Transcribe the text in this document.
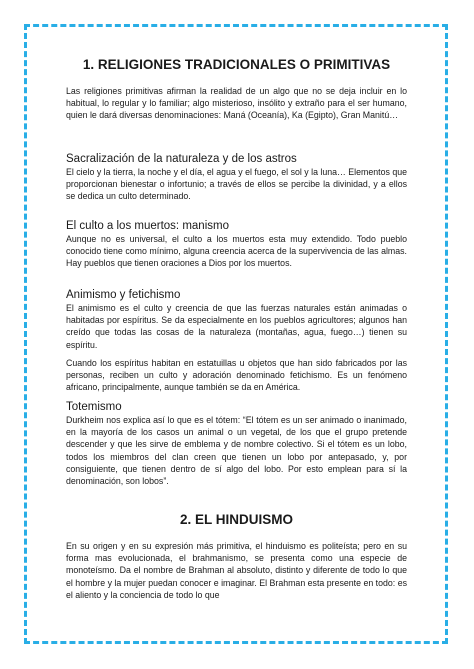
1. RELIGIONES TRADICIONALES O PRIMITIVAS

Las religiones primitivas afirman la realidad de un algo que no se deja incluir en lo habitual, lo regular y lo familiar; algo misterioso, insólito y extraño para el ser humano, quien le dará diversas denominaciones: Maná (Oceanía), Ka (Egipto), Gran Manitú…

Sacralización de la naturaleza y de los astros

El cielo y la tierra, la noche y el día, el agua y el fuego, el sol y la luna… Elementos que proporcionan bienestar o infortunio; a través de ellos se percibe la divinidad, y a ellos se dedica un culto determinado.

El culto a los muertos: manismo

Aunque no es universal, el culto a los muertos esta muy extendido. Todo pueblo conocido tiene como mínimo, alguna creencia acerca de la supervivencia de las almas. Hay pueblos que tienen oraciones a Dios por los muertos.

Animismo y fetichismo

El animismo es el culto y creencia de que las fuerzas naturales están animadas o habitadas por espíritus. Se da especialmente en los pueblos agricultores; algunos han creído que todas las cosas de la naturaleza (montañas, agua, fuego…) tienen su espíritu.

Cuando los espíritus habitan en estatuillas u objetos que han sido fabricados por las personas, reciben un culto y adoración denominado fetichismo. Es un fenómeno africano, principalmente, aunque también se da en América.

Totemismo

Durkheim nos explica así lo que es el tótem: “El tótem es un ser animado o inanimado, en la mayoría de los casos un animal o un vegetal, de los que el grupo pretende descender y que les sirve de emblema y de nombre colectivo. Si el tótem es un lobo, todos los miembros del clan creen que tienen un lobo por antepasado, y, por consiguiente, que tienen dentro de sí algo del lobo. Por esto emplean para sí la denominación, son lobos”.

2. EL HINDUISMO

En su origen y en su expresión más primitiva, el hinduismo es politeísta; pero en su forma mas evolucionada, el brahmanismo, se presenta como una especie de monoteísmo. Da el nombre de Brahman al absoluto, distinto y diferente de todo lo que el hombre y la mujer puedan conocer e imaginar. El Brahman esta presente en todo: es el aliento y la conciencia de todo lo que
